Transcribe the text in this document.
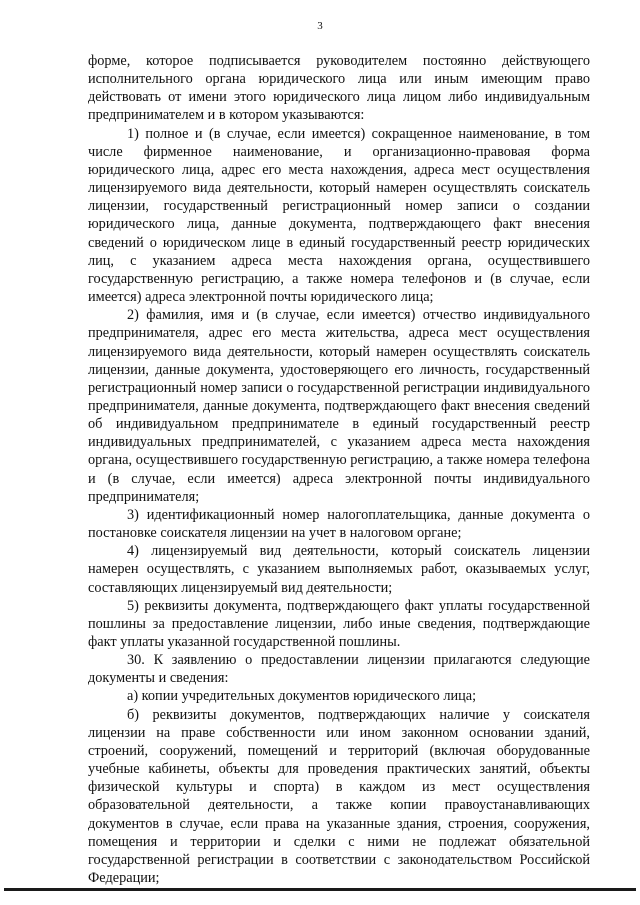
3

форме, которое подписывается руководителем постоянно действующего исполнительного органа юридического лица или иным имеющим право действовать от имени этого юридического лица лицом либо индивидуальным предпринимателем и в котором указываются:

1) полное и (в случае, если имеется) сокращенное наименование, в том числе фирменное наименование, и организационно-правовая форма юридического лица, адрес его места нахождения, адреса мест осуществления лицензируемого вида деятельности, который намерен осуществлять соискатель лицензии, государственный регистрационный номер записи о создании юридического лица, данные документа, подтверждающего факт внесения сведений о юридическом лице в единый государственный реестр юридических лиц, с указанием адреса места нахождения органа, осуществившего государственную регистрацию, а также номера телефонов и (в случае, если имеется) адреса электронной почты юридического лица;

2) фамилия, имя и (в случае, если имеется) отчество индивидуального предпринимателя, адрес его места жительства, адреса мест осуществления лицензируемого вида деятельности, который намерен осуществлять соискатель лицензии, данные документа, удостоверяющего его личность, государственный регистрационный номер записи о государственной регистрации индивидуального предпринимателя, данные документа, подтверждающего факт внесения сведений об индивидуальном предпринимателе в единый государственный реестр индивидуальных предпринимателей, с указанием адреса места нахождения органа, осуществившего государственную регистрацию, а также номера телефона и (в случае, если имеется) адреса электронной почты индивидуального предпринимателя;

3) идентификационный номер налогоплательщика, данные документа о постановке соискателя лицензии на учет в налоговом органе;

4) лицензируемый вид деятельности, который соискатель лицензии намерен осуществлять, с указанием выполняемых работ, оказываемых услуг, составляющих лицензируемый вид деятельности;

5) реквизиты документа, подтверждающего факт уплаты государственной пошлины за предоставление лицензии, либо иные сведения, подтверждающие факт уплаты указанной государственной пошлины.

30. К заявлению о предоставлении лицензии прилагаются следующие документы и сведения:

а) копии учредительных документов юридического лица;

б) реквизиты документов, подтверждающих наличие у соискателя лицензии на праве собственности или ином законном основании зданий, строений, сооружений, помещений и территорий (включая оборудованные учебные кабинеты, объекты для проведения практических занятий, объекты физической культуры и спорта) в каждом из мест осуществления образовательной деятельности, а также копии правоустанавливающих документов в случае, если права на указанные здания, строения, сооружения, помещения и территории и сделки с ними не подлежат обязательной государственной регистрации в соответствии с законодательством Российской Федерации;
